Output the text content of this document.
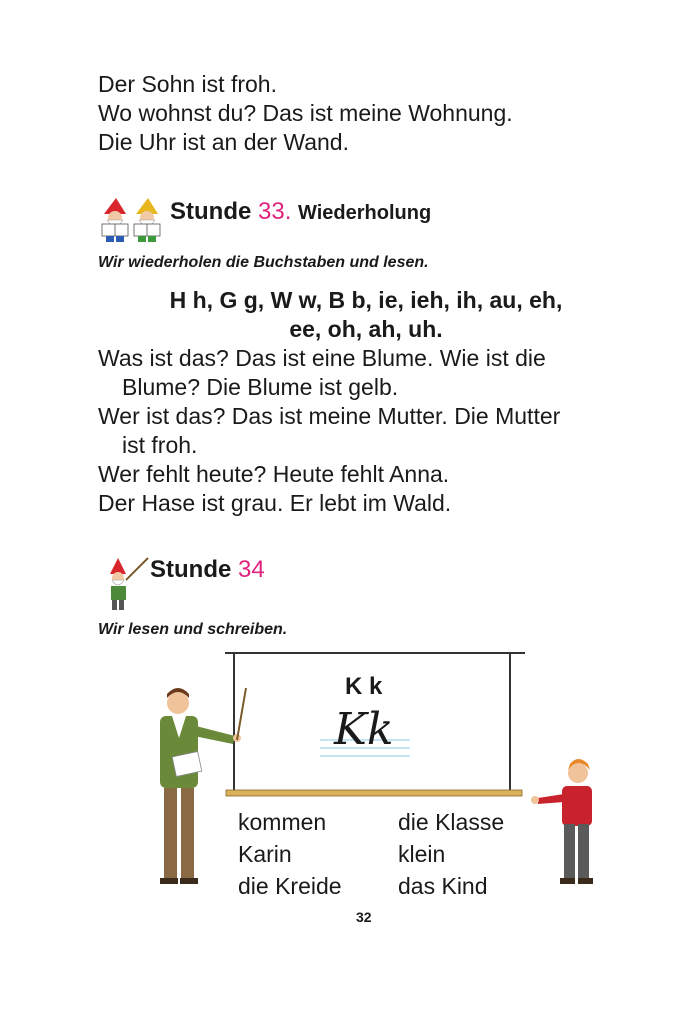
Der Sohn ist froh.
Wo wohnst du? Das ist meine Wohnung.
Die Uhr ist an der Wand.
Stunde 33. Wiederholung
Wir wiederholen die Buchstaben und lesen.
H h, G g, W w, B b, ie, ieh, ih, au, eh,
ee, oh, ah, uh.
Was ist das? Das ist eine Blume. Wie ist die
Blume? Die Blume ist gelb.
Wer ist das? Das ist meine Mutter. Die Mutter
ist froh.
Wer fehlt heute? Heute fehlt Anna.
Der Hase ist grau. Er lebt im Wald.
Stunde 34
Wir lesen und schreiben.
K k
Kk
kommen
Karin
die Kreide
die Klasse
klein
das Kind
32
